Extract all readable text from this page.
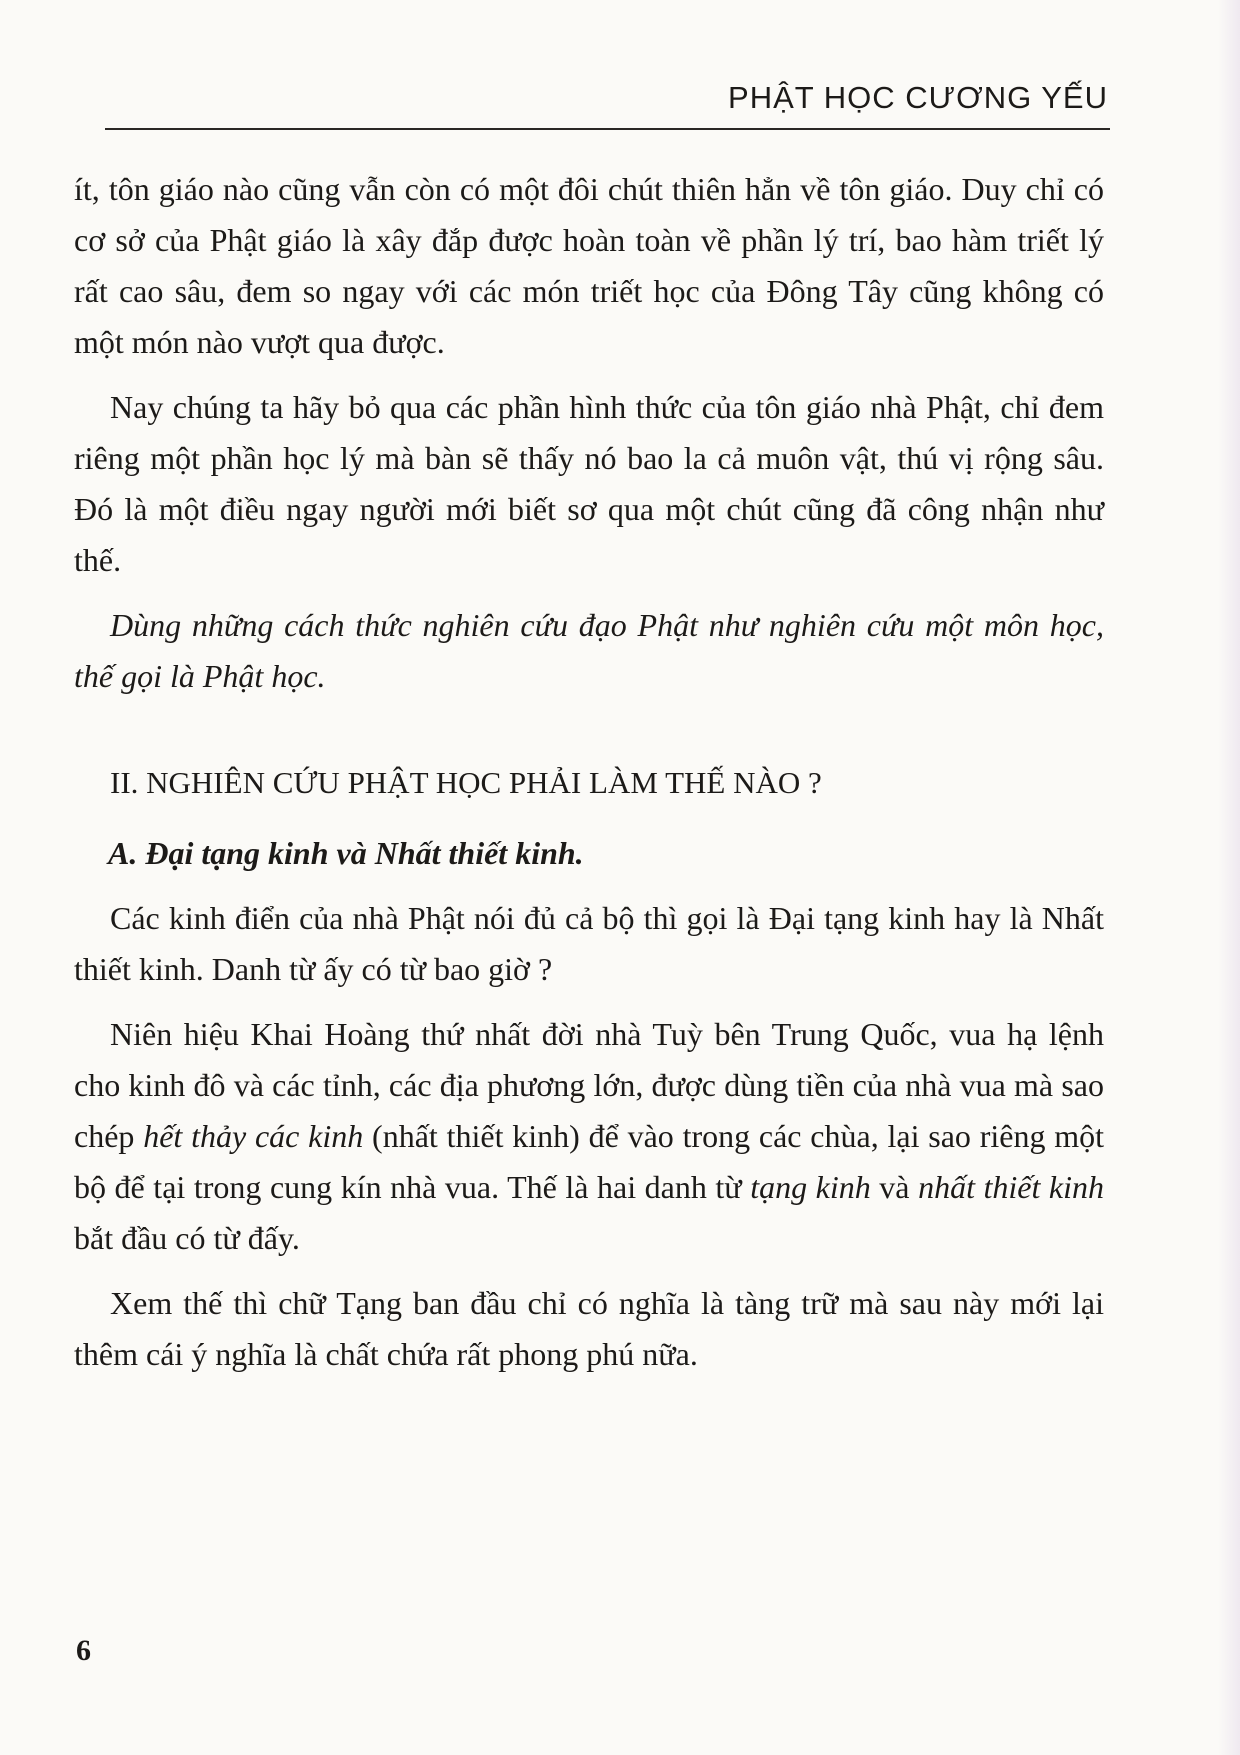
PHẬT HỌC CƯƠNG YẾU

ít, tôn giáo nào cũng vẫn còn có một đôi chút thiên hẳn về tôn giáo. Duy chỉ có cơ sở của Phật giáo là xây đắp được hoàn toàn về phần lý trí, bao hàm triết lý rất cao sâu, đem so ngay với các món triết học của Đông Tây cũng không có một món nào vượt qua được.

Nay chúng ta hãy bỏ qua các phần hình thức của tôn giáo nhà Phật, chỉ đem riêng một phần học lý mà bàn sẽ thấy nó bao la cả muôn vật, thú vị rộng sâu. Đó là một điều ngay người mới biết sơ qua một chút cũng đã công nhận như thế.

Dùng những cách thức nghiên cứu đạo Phật như nghiên cứu một môn học, thế gọi là Phật học.

II. NGHIÊN CỨU PHẬT HỌC PHẢI LÀM THẾ NÀO ?

A. Đại tạng kinh và Nhất thiết kinh.

Các kinh điển của nhà Phật nói đủ cả bộ thì gọi là Đại tạng kinh hay là Nhất thiết kinh. Danh từ ấy có từ bao giờ ?

Niên hiệu Khai Hoàng thứ nhất đời nhà Tuỳ bên Trung Quốc, vua hạ lệnh cho kinh đô và các tỉnh, các địa phương lớn, được dùng tiền của nhà vua mà sao chép hết thảy các kinh (nhất thiết kinh) để vào trong các chùa, lại sao riêng một bộ để tại trong cung kín nhà vua. Thế là hai danh từ tạng kinh và nhất thiết kinh bắt đầu có từ đấy.

Xem thế thì chữ Tạng ban đầu chỉ có nghĩa là tàng trữ mà sau này mới lại thêm cái ý nghĩa là chất chứa rất phong phú nữa.

6
